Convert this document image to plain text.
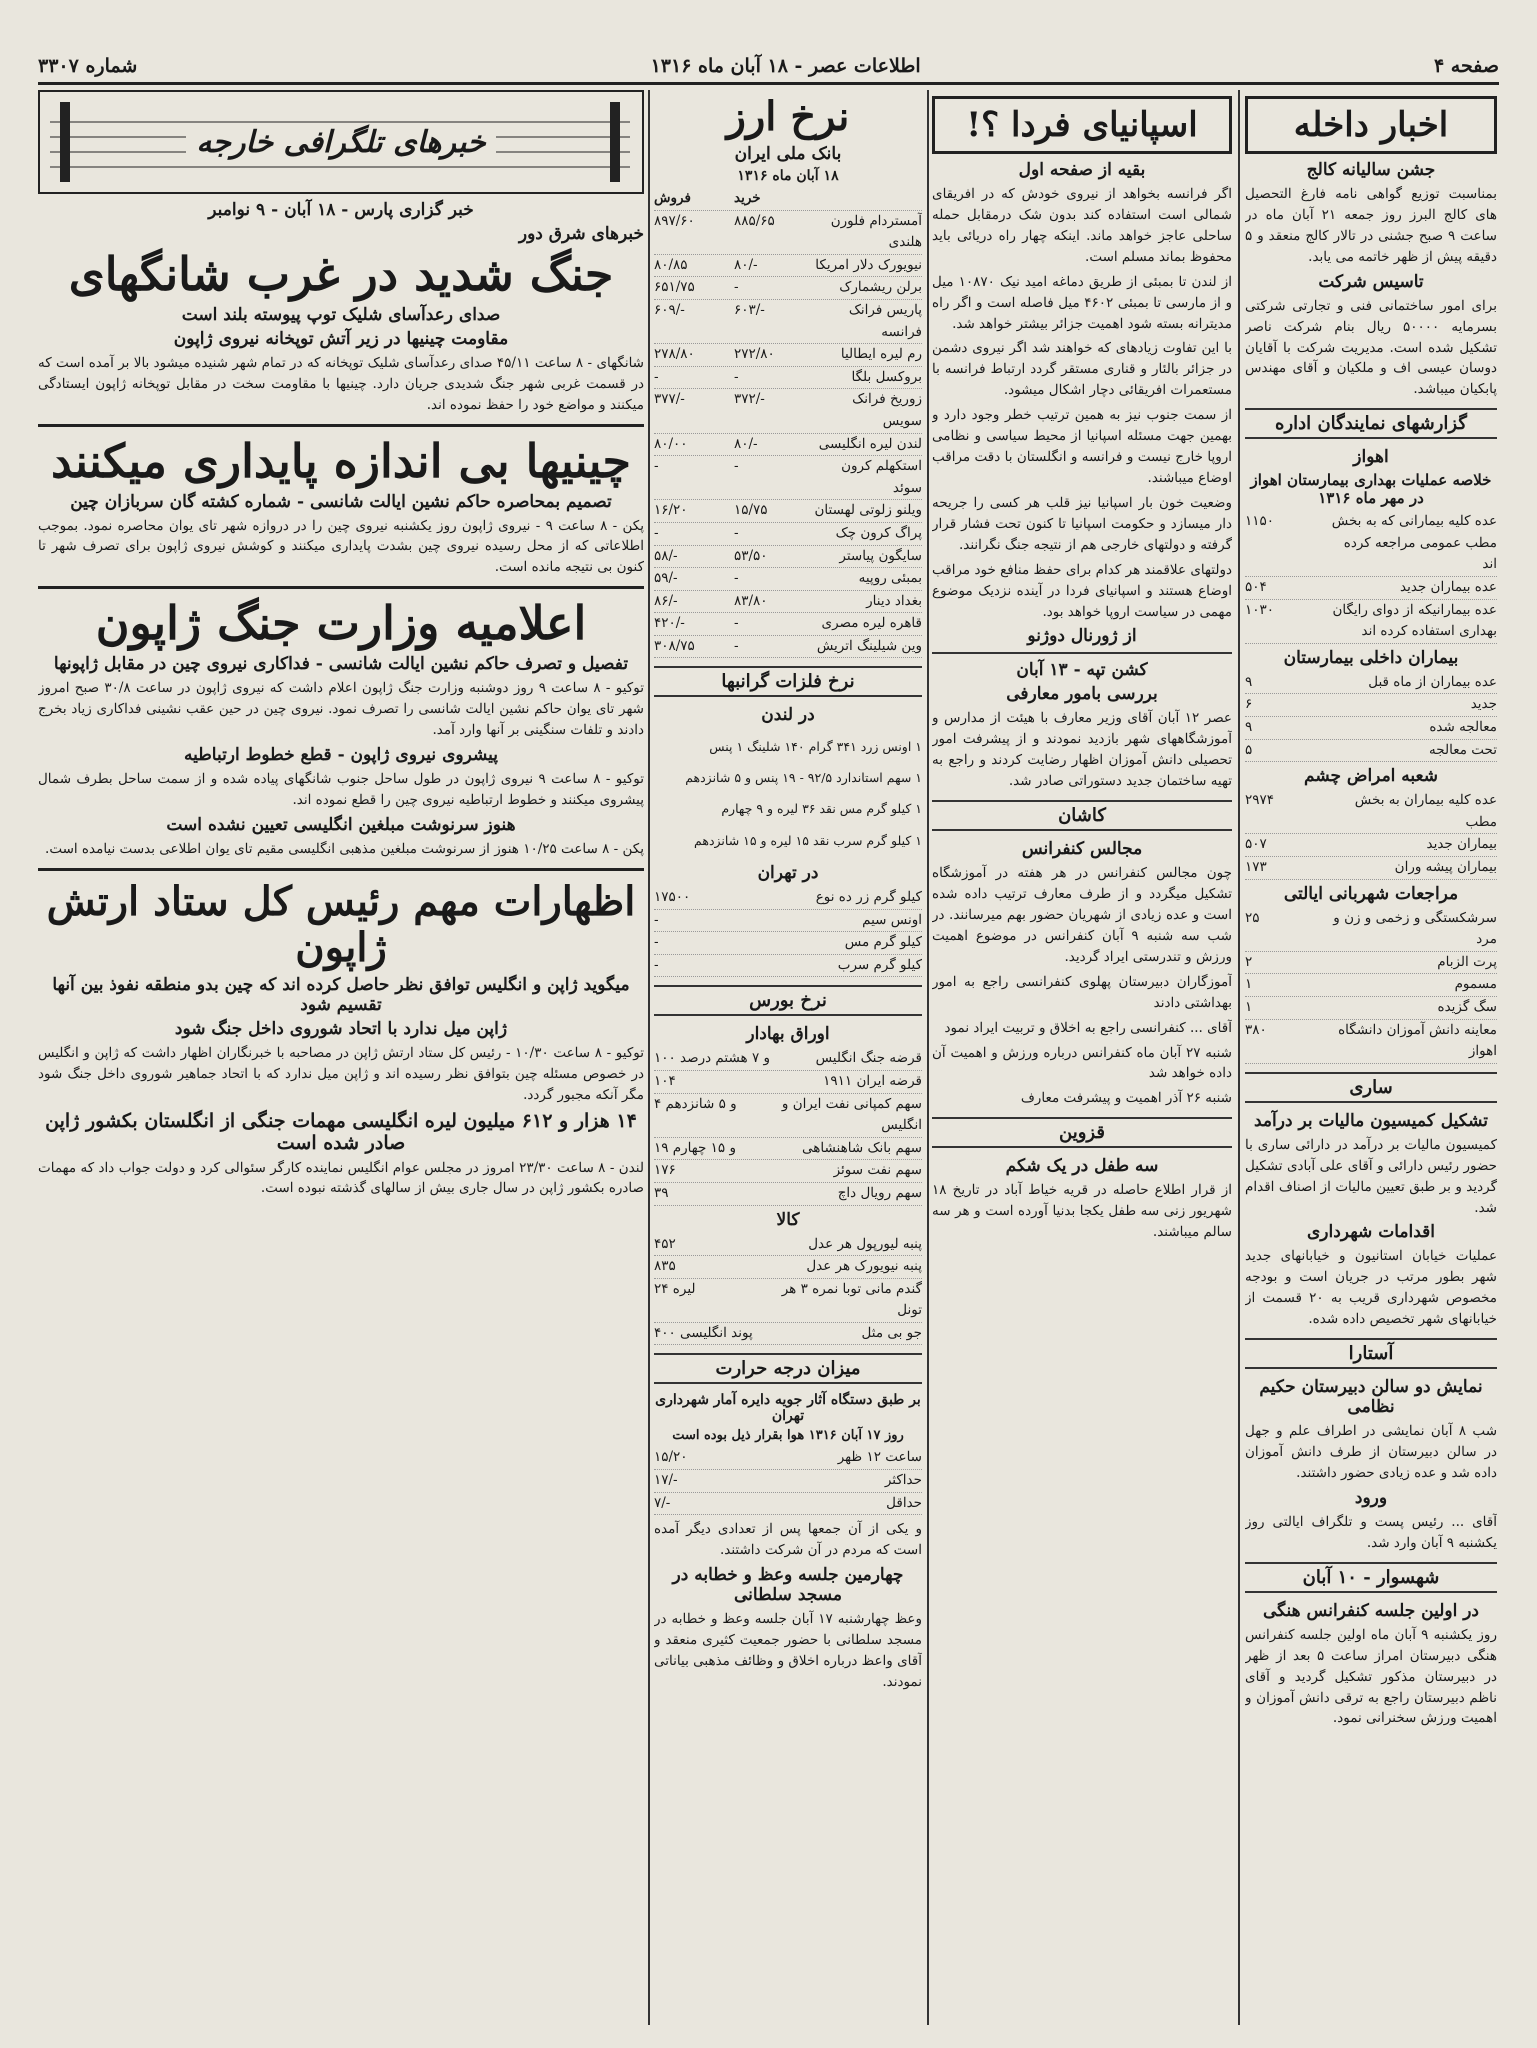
صفحه ۴
اطلاعات عصر - ۱۸ آبان ماه ۱۳۱۶
شماره ۳۳۰۷
اخبار داخله
جشن سالیانه کالج

بمناسبت توزیع گواهی نامه فارغ التحصیل های کالج البرز روز جمعه ۲۱ آبان ماه در ساعت ۹ صبح جشنی در تالار کالج منعقد و ۵ دقیقه پیش از ظهر خاتمه می یابد.

تاسیس شرکت

برای امور ساختمانی فنی و تجارتی شرکتی بسرمایه ۵۰۰۰۰ ریال بنام شرکت ناصر تشکیل شده است. مدیریت شرکت با آقایان دوسان عیسی اف و ملکیان و آقای مهندس پابکیان میباشد.

گزارشهای نمایندگان اداره
اهواز
خلاصه عملیات بهداری بیمارستان اهواز در مهر ماه ۱۳۱۶
عده کلیه بیمارانی که به بخش مطب عمومی مراجعه کرده اند
۱۱۵۰
عده بیماران جدید
۵۰۴
عده بیمارانیکه از دوای رایگان بهداری استفاده کرده اند
۱۰۳۰
بیماران داخلی بیمارستان
عده بیماران از ماه قبل
۹
جدید
۶
معالجه شده
۹
تحت معالجه
۵
شعبه امراض چشم
عده کلیه بیماران به بخش مطب
۲۹۷۴
بیماران جدید
۵۰۷
بیماران پیشه وران
۱۷۳
مراجعات شهربانی ایالتی
سرشکستگی و زخمی و زن و مرد
۲۵
پرت الزبام
۲
مسموم
۱
سگ گزیده
۱
معاینه دانش آموزان دانشگاه اهواز
۳۸۰
ساری
تشکیل کمیسیون مالیات بر درآمد

کمیسیون مالیات بر درآمد در دارائی ساری با حضور رئیس دارائی و آقای علی آبادی تشکیل گردید و بر طبق تعیین مالیات از اصناف اقدام شد.

اقدامات شهرداری

عملیات خیابان استانیون و خیابانهای جدید شهر بطور مرتب در جریان است و بودجه مخصوص شهرداری قریب به ۲۰ قسمت از خیابانهای شهر تخصیص داده شده.

آستارا
نمایش دو سالن دبیرستان حکیم نظامی

شب ۸ آبان نمایشی در اطراف علم و جهل در سالن دبیرستان از طرف دانش آموزان داده شد و عده زیادی حضور داشتند.

ورود

آقای ... رئیس پست و تلگراف ایالتی روز یکشنبه ۹ آبان وارد شد.

شهسوار - ۱۰ آبان
در اولین جلسه کنفرانس هنگی

روز یکشنبه ۹ آبان ماه اولین جلسه کنفرانس هنگی دبیرستان امراز ساعت ۵ بعد از ظهر در دبیرستان مذکور تشکیل گردید و آقای ناظم دبیرستان راجع به ترقی دانش آموزان و اهمیت ورزش سخنرانی نمود.

اسپانیای فردا ؟!
بقیه از صفحه اول

اگر فرانسه بخواهد از نیروی خودش که در افریقای شمالی است استفاده کند بدون شک درمقابل حمله ساحلی عاجز خواهد ماند. اینکه چهار راه دریائی باید محفوظ بماند مسلم است.

از لندن تا بمبئی از طریق دماغه امید نیک ۱۰۸۷۰ میل و از مارسی تا بمبئی ۴۶۰۲ میل فاصله است و اگر راه مدیترانه بسته شود اهمیت جزائر بیشتر خواهد شد.

با این تفاوت زیادهای که خواهند شد اگر نیروی دشمن در جزائر بالئار و قناری مستقر گردد ارتباط فرانسه با مستعمرات افریقائی دچار اشکال میشود.

از سمت جنوب نیز به همین ترتیب خطر وجود دارد و بهمین جهت مسئله اسپانیا از محیط سیاسی و نظامی اروپا خارج نیست و فرانسه و انگلستان با دقت مراقب اوضاع میباشند.

وضعیت خون بار اسپانیا نیز قلب هر کسی را جریحه دار میسازد و حکومت اسپانیا تا کنون تحت فشار قرار گرفته و دولتهای خارجی هم از نتیجه جنگ نگرانند.

دولتهای علاقمند هر کدام برای حفظ منافع خود مراقب اوضاع هستند و اسپانیای فردا در آینده نزدیک موضوع مهمی در سیاست اروپا خواهد بود.

از ژورنال دوژنو
کشن تپه - ۱۳ آبان
بررسی بامور معارفی

عصر ۱۲ آبان آقای وزیر معارف با هیئت از مدارس و آموزشگاههای شهر بازدید نمودند و از پیشرفت امور تحصیلی دانش آموزان اظهار رضایت کردند و راجع به تهیه ساختمان جدید دستوراتی صادر شد.

کاشان
مجالس کنفرانس

چون مجالس کنفرانس در هر هفته در آموزشگاه تشکیل میگردد و از طرف معارف ترتیب داده شده است و عده زیادی از شهریان حضور بهم میرسانند. در شب سه شنبه ۹ آبان کنفرانس در موضوع اهمیت ورزش و تندرستی ایراد گردید.

آموزگاران دبیرستان پهلوی کنفرانسی راجع به امور بهداشتی دادند

آقای ... کنفرانسی راجع به اخلاق و تربیت ایراد نمود

شنبه ۲۷ آبان ماه کنفرانس درباره ورزش و اهمیت آن داده خواهد شد

شنبه ۲۶ آذر اهمیت و پیشرفت معارف

قزوین
سه طفل در یک شکم

از قرار اطلاع حاصله در قریه خیاط آباد در تاریخ ۱۸ شهریور زنی سه طفل یکجا بدنیا آورده است و هر سه سالم میباشند.

نرخ ارز
بانک ملی ایران
۱۸ آبان ماه ۱۳۱۶
خرید
فروش
آمستردام فلورن هلندی
۸۸۵/۶۵
۸۹۷/۶۰
نیویورک دلار امریکا
۸۰/-
۸۰/۸۵
برلن ریشمارک
-
۶۵۱/۷۵
پاریس فرانک فرانسه
۶۰۳/-
۶۰۹/-
رم لیره ایطالیا
۲۷۲/۸۰
۲۷۸/۸۰
بروکسل بلگا
-
-
زوریخ فرانک سویس
۳۷۲/-
۳۷۷/-
لندن لیره انگلیسی
۸۰/-
۸۰/۰۰
استکهلم کرون سوئد
-
-
ویلنو زلوتی لهستان
۱۵/۷۵
۱۶/۲۰
پراگ کرون چک
-
-
سایگون پیاستر
۵۳/۵۰
۵۸/-
بمبئی روپیه
-
۵۹/-
بغداد دینار
۸۳/۸۰
۸۶/-
قاهره لیره مصری
-
۴۲۰/-
وین شیلینگ اتریش
-
۳۰۸/۷۵
نرخ فلزات گرانبها
در لندن

۱ اونس زرد ۳۴۱ گرام ۱۴۰ شلینگ ۱ پنس

۱ سهم استاندارد ۹۲/۵ - ۱۹ پنس و ۵ شانزدهم

۱ کیلو گرم مس نقد ۳۶ لیره و ۹ چهارم

۱ کیلو گرم سرب نقد ۱۵ لیره و ۱۵ شانزدهم

در تهران
کیلو گرم زر ده نوع
۱۷۵۰۰
اونس سیم
-
کیلو گرم مس
-
کیلو گرم سرب
-
نرخ بورس
اوراق بهادار
قرضه جنگ انگلیس
۱۰۰ و ۷ هشتم درصد
قرضه ایران ۱۹۱۱
۱۰۴
سهم کمپانی نفت ایران و انگلیس
۴ و ۵ شانزدهم
سهم بانک شاهنشاهی
۱۹ و ۱۵ چهارم
سهم نفت سوئز
۱۷۶
سهم رویال داچ
۳۹
کالا
پنبه لیورپول هر عدل
۴۵۲
پنبه نیویورک هر عدل
۸۳۵
گندم مانی توبا نمره ۳ هر تونل
۲۴ لیره
جو بی مثل
۴۰۰ پوند انگلیسی
میزان درجه حرارت
بر طبق دستگاه آثار جویه دایره آمار شهرداری تهران
روز ۱۷ آبان ۱۳۱۶ هوا بقرار ذیل بوده است
ساعت ۱۲ ظهر
۱۵/۲۰
حداکثر
۱۷/-
حداقل
۷/-

و یکی از آن جمعها پس از تعدادی دیگر آمده است که مردم در آن شرکت داشتند.

چهارمین جلسه وعظ و خطابه در مسجد سلطانی

وعظ چهارشنبه ۱۷ آبان جلسه وعظ و خطابه در مسجد سلطانی با حضور جمعیت کثیری منعقد و آقای واعظ درباره اخلاق و وظائف مذهبی بیاناتی نمودند.

خبرهای تلگرافی خارجه
خبر گزاری پارس - ۱۸ آبان - ۹ نوامبر
خبرهای شرق دور
جنگ شدید در غرب شانگهای
صدای رعدآسای شلیک توپ پیوسته بلند است
مقاومت چینیها در زیر آتش توپخانه نیروی ژاپون

شانگهای - ۸ ساعت ۴۵/۱۱ صدای رعدآسای شلیک توپخانه که در تمام شهر شنیده میشود بالا بر آمده است که در قسمت غربی شهر جنگ شدیدی جریان دارد. چینیها با مقاومت سخت در مقابل توپخانه ژاپون ایستادگی میکنند و مواضع خود را حفظ نموده اند.

چینیها بی اندازه پایداری میکنند
تصمیم بمحاصره حاکم نشین ایالت شانسی - شماره کشته گان سربازان چین

پکن - ۸ ساعت ۹ - نیروی ژاپون روز یکشنبه نیروی چین را در دروازه شهر تای یوان محاصره نمود. بموجب اطلاعاتی که از محل رسیده نیروی چین بشدت پایداری میکنند و کوشش نیروی ژاپون برای تصرف شهر تا کنون بی نتیجه مانده است.

اعلامیه وزارت جنگ ژاپون
تفصیل و تصرف حاکم نشین ایالت شانسی - فداکاری نیروی چین در مقابل ژاپونها

توکیو - ۸ ساعت ۹ روز دوشنبه وزارت جنگ ژاپون اعلام داشت که نیروی ژاپون در ساعت ۳۰/۸ صبح امروز شهر تای یوان حاکم نشین ایالت شانسی را تصرف نمود. نیروی چین در حین عقب نشینی فداکاری زیاد بخرج دادند و تلفات سنگینی بر آنها وارد آمد.

پیشروی نیروی ژاپون - قطع خطوط ارتباطیه

توکیو - ۸ ساعت ۹ نیروی ژاپون در طول ساحل جنوب شانگهای پیاده شده و از سمت ساحل بطرف شمال پیشروی میکنند و خطوط ارتباطیه نیروی چین را قطع نموده اند.

هنوز سرنوشت مبلغین انگلیسی تعیین نشده است

پکن - ۸ ساعت ۱۰/۲۵ هنوز از سرنوشت مبلغین مذهبی انگلیسی مقیم تای یوان اطلاعی بدست نیامده است.

اظهارات مهم رئیس کل ستاد ارتش ژاپون
میگوید ژاپن و انگلیس توافق نظر حاصل کرده اند که چین بدو منطقه نفوذ بین آنها تقسیم شود
ژاپن میل ندارد با اتحاد شوروی داخل جنگ شود

توکیو - ۸ ساعت ۱۰/۳۰ - رئیس کل ستاد ارتش ژاپن در مصاحبه با خبرنگاران اظهار داشت که ژاپن و انگلیس در خصوص مسئله چین بتوافق نظر رسیده اند و ژاپن میل ندارد که با اتحاد جماهیر شوروی داخل جنگ شود مگر آنکه مجبور گردد.

۱۴ هزار و ۶۱۲ میلیون لیره انگلیسی مهمات جنگی از انگلستان بکشور ژاپن صادر شده است

لندن - ۸ ساعت ۲۳/۳۰ امروز در مجلس عوام انگلیس نماینده کارگر سئوالی کرد و دولت جواب داد که مهمات صادره بکشور ژاپن در سال جاری بیش از سالهای گذشته نبوده است.
